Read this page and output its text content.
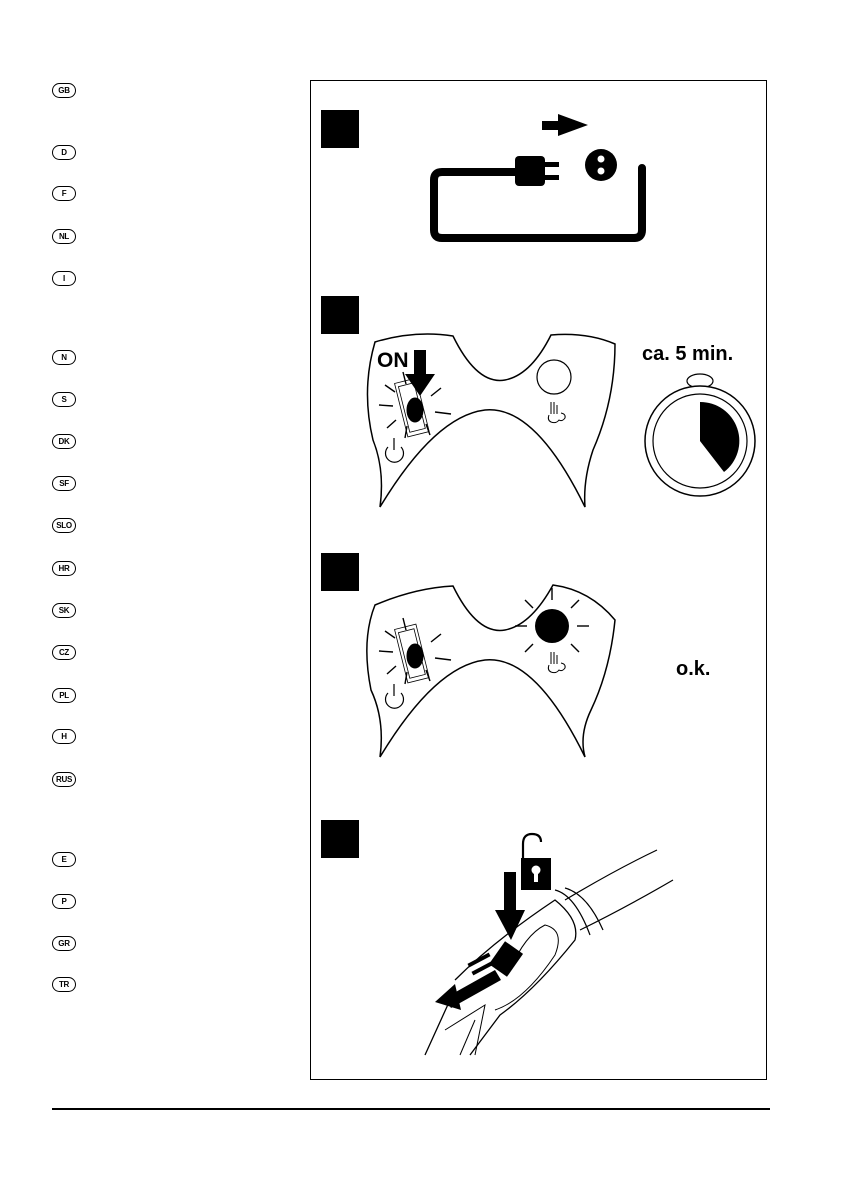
GB
D
F
NL
I
N
S
DK
SF
SLO
HR
SK
CZ
PL
H
RUS
E
P
GR
TR
ON	ca. 5 min.
o.k.
